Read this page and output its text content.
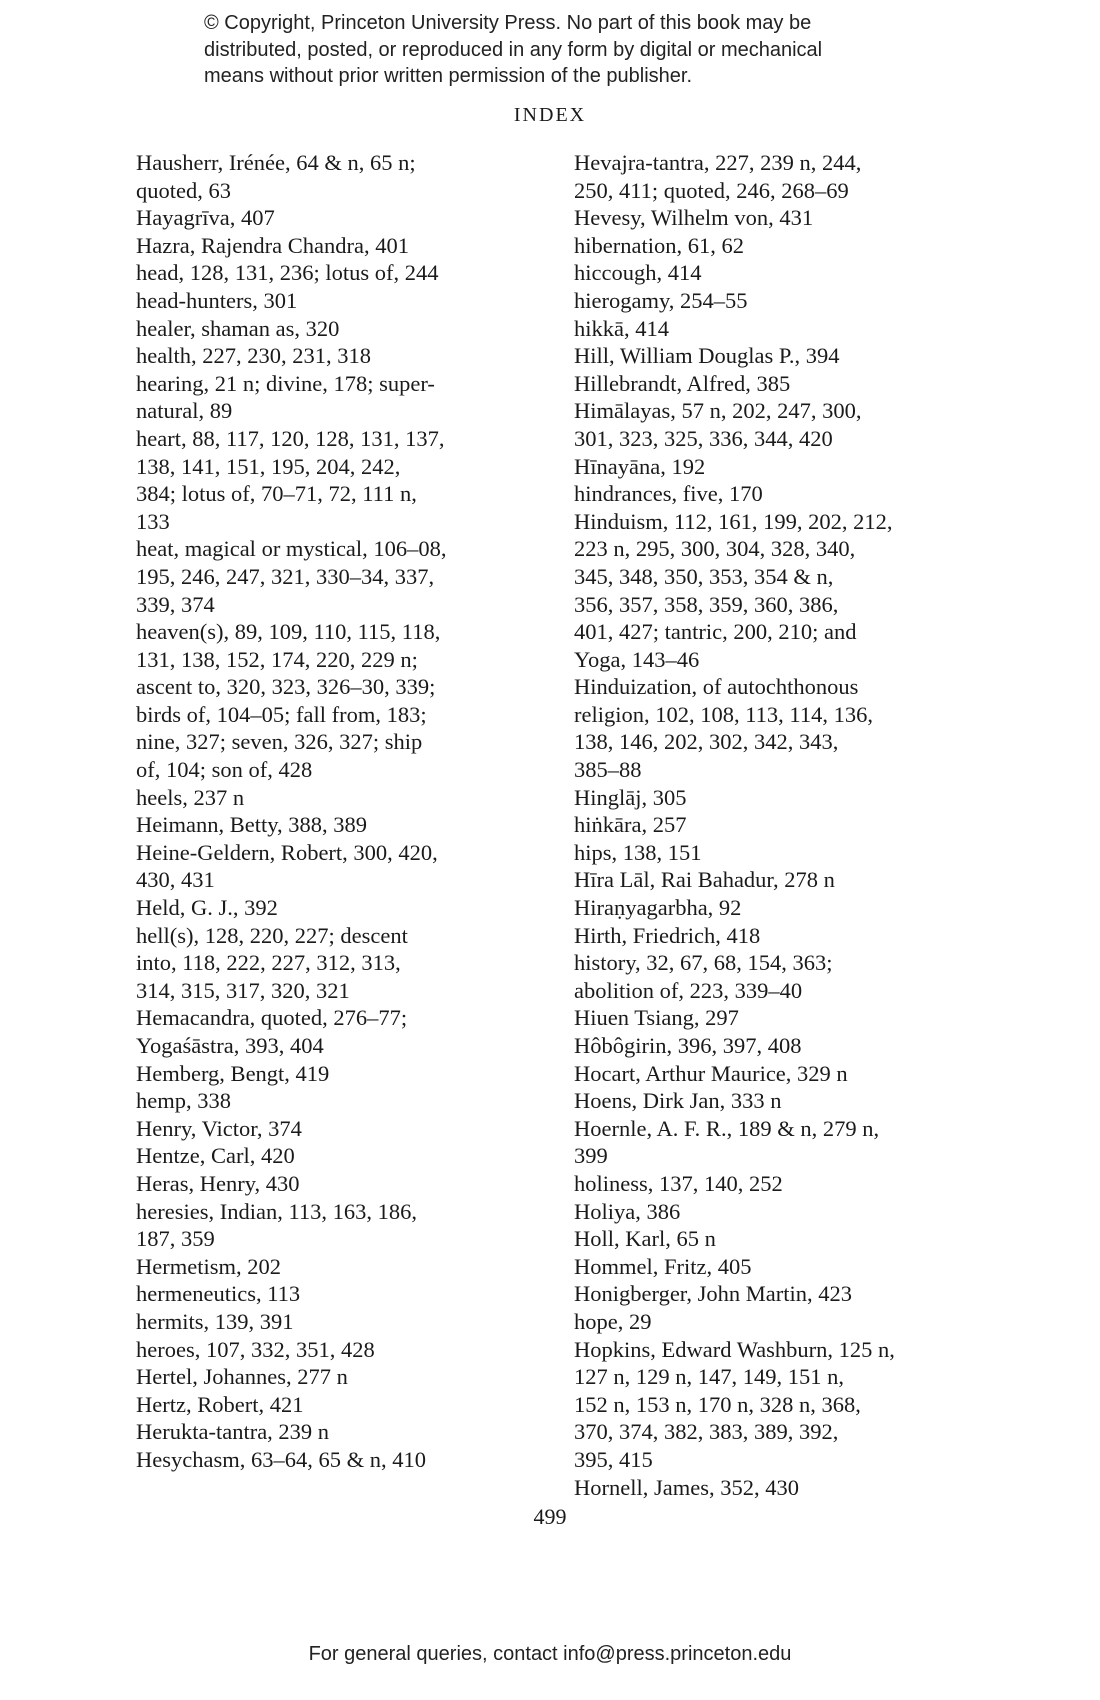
© Copyright, Princeton University Press. No part of this book may be
distributed, posted, or reproduced in any form by digital or mechanical
means without prior written permission of the publisher.
INDEX
Hausherr, Irénée, 64 & n, 65 n;
quoted, 63
Hayagrīva, 407
Hazra, Rajendra Chandra, 401
head, 128, 131, 236; lotus of, 244
head-hunters, 301
healer, shaman as, 320
health, 227, 230, 231, 318
hearing, 21 n; divine, 178; super-
natural, 89
heart, 88, 117, 120, 128, 131, 137,
138, 141, 151, 195, 204, 242,
384; lotus of, 70–71, 72, 111 n,
133
heat, magical or mystical, 106–08,
195, 246, 247, 321, 330–34, 337,
339, 374
heaven(s), 89, 109, 110, 115, 118,
131, 138, 152, 174, 220, 229 n;
ascent to, 320, 323, 326–30, 339;
birds of, 104–05; fall from, 183;
nine, 327; seven, 326, 327; ship
of, 104; son of, 428
heels, 237 n
Heimann, Betty, 388, 389
Heine-Geldern, Robert, 300, 420,
430, 431
Held, G. J., 392
hell(s), 128, 220, 227; descent
into, 118, 222, 227, 312, 313,
314, 315, 317, 320, 321
Hemacandra, quoted, 276–77;
Yogaśāstra, 393, 404
Hemberg, Bengt, 419
hemp, 338
Henry, Victor, 374
Hentze, Carl, 420
Heras, Henry, 430
heresies, Indian, 113, 163, 186,
187, 359
Hermetism, 202
hermeneutics, 113
hermits, 139, 391
heroes, 107, 332, 351, 428
Hertel, Johannes, 277 n
Hertz, Robert, 421
Herukta-tantra, 239 n
Hesychasm, 63–64, 65 & n, 410
Hevajra-tantra, 227, 239 n, 244,
250, 411; quoted, 246, 268–69
Hevesy, Wilhelm von, 431
hibernation, 61, 62
hiccough, 414
hierogamy, 254–55
hikkā, 414
Hill, William Douglas P., 394
Hillebrandt, Alfred, 385
Himālayas, 57 n, 202, 247, 300,
301, 323, 325, 336, 344, 420
Hīnayāna, 192
hindrances, five, 170
Hinduism, 112, 161, 199, 202, 212,
223 n, 295, 300, 304, 328, 340,
345, 348, 350, 353, 354 & n,
356, 357, 358, 359, 360, 386,
401, 427; tantric, 200, 210; and
Yoga, 143–46
Hinduization, of autochthonous
religion, 102, 108, 113, 114, 136,
138, 146, 202, 302, 342, 343,
385–88
Hinglāj, 305
hiṅkāra, 257
hips, 138, 151
Hīra Lāl, Rai Bahadur, 278 n
Hiraṇyagarbha, 92
Hirth, Friedrich, 418
history, 32, 67, 68, 154, 363;
abolition of, 223, 339–40
Hiuen Tsiang, 297
Hôbôgirin, 396, 397, 408
Hocart, Arthur Maurice, 329 n
Hoens, Dirk Jan, 333 n
Hoernle, A. F. R., 189 & n, 279 n,
399
holiness, 137, 140, 252
Holiya, 386
Holl, Karl, 65 n
Hommel, Fritz, 405
Honigberger, John Martin, 423
hope, 29
Hopkins, Edward Washburn, 125 n,
127 n, 129 n, 147, 149, 151 n,
152 n, 153 n, 170 n, 328 n, 368,
370, 374, 382, 383, 389, 392,
395, 415
Hornell, James, 352, 430
499
For general queries, contact info@press.princeton.edu
